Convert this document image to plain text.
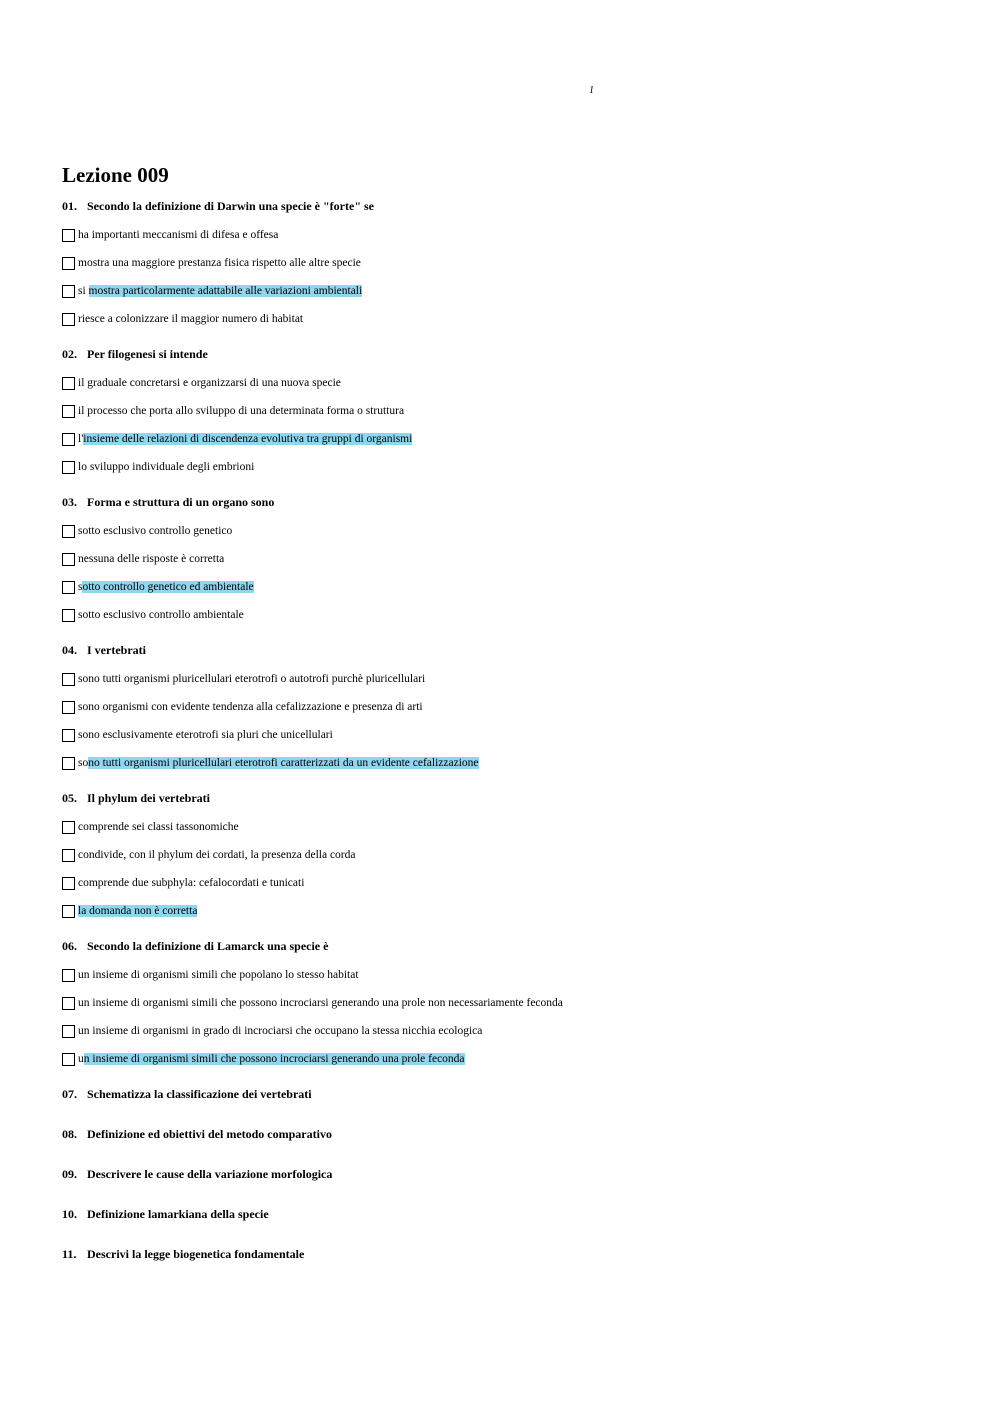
1
Lezione 009
01. Secondo la definizione di Darwin una specie è "forte" se
ha importanti meccanismi di difesa e offesa
mostra una maggiore prestanza fisica rispetto alle altre specie
si mostra particolarmente adattabile alle variazioni ambientali
riesce a colonizzare il maggior numero di habitat
02. Per filogenesi si intende
il graduale concretarsi e organizzarsi di una nuova specie
il processo che porta allo sviluppo di una determinata forma o struttura
l' insieme delle relazioni di discendenza evolutiva tra gruppi di organismi
lo sviluppo individuale degli embrioni
03. Forma e struttura di un organo sono
sotto esclusivo controllo genetico
nessuna delle risposte è corretta
s otto controllo genetico ed ambientale
sotto esclusivo controllo ambientale
04. I vertebrati
sono tutti organismi pluricellulari eterotrofi o autotrofi purchè pluricellulari
sono organismi con evidente tendenza alla cefalizzazione e presenza di arti
sono esclusivamente eterotrofi sia pluri che unicellulari
so no tutti organismi pluricellulari eterotrofi caratterizzati da un evidente cefalizzazione
05. Il phylum dei vertebrati
comprende sei classi tassonomiche
condivide, con il phylum dei cordati, la presenza della corda
comprende due subphyla: cefalocordati e tunicati
la domanda non è corretta
06. Secondo la definizione di Lamarck una specie è
un insieme di organismi simili che popolano lo stesso habitat
un insieme di organismi simili che possono incrociarsi generando una prole non necessariamente feconda
un insieme di organismi in grado di incrociarsi che occupano la stessa nicchia ecologica
u n insieme di organismi simili che possono incrociarsi generando una prole feconda
07. Schematizza la classificazione dei vertebrati
08. Definizione ed obiettivi del metodo comparativo
09. Descrivere le cause della variazione morfologica
10. Definizione lamarkiana della specie
11. Descrivi la legge biogenetica fondamentale
